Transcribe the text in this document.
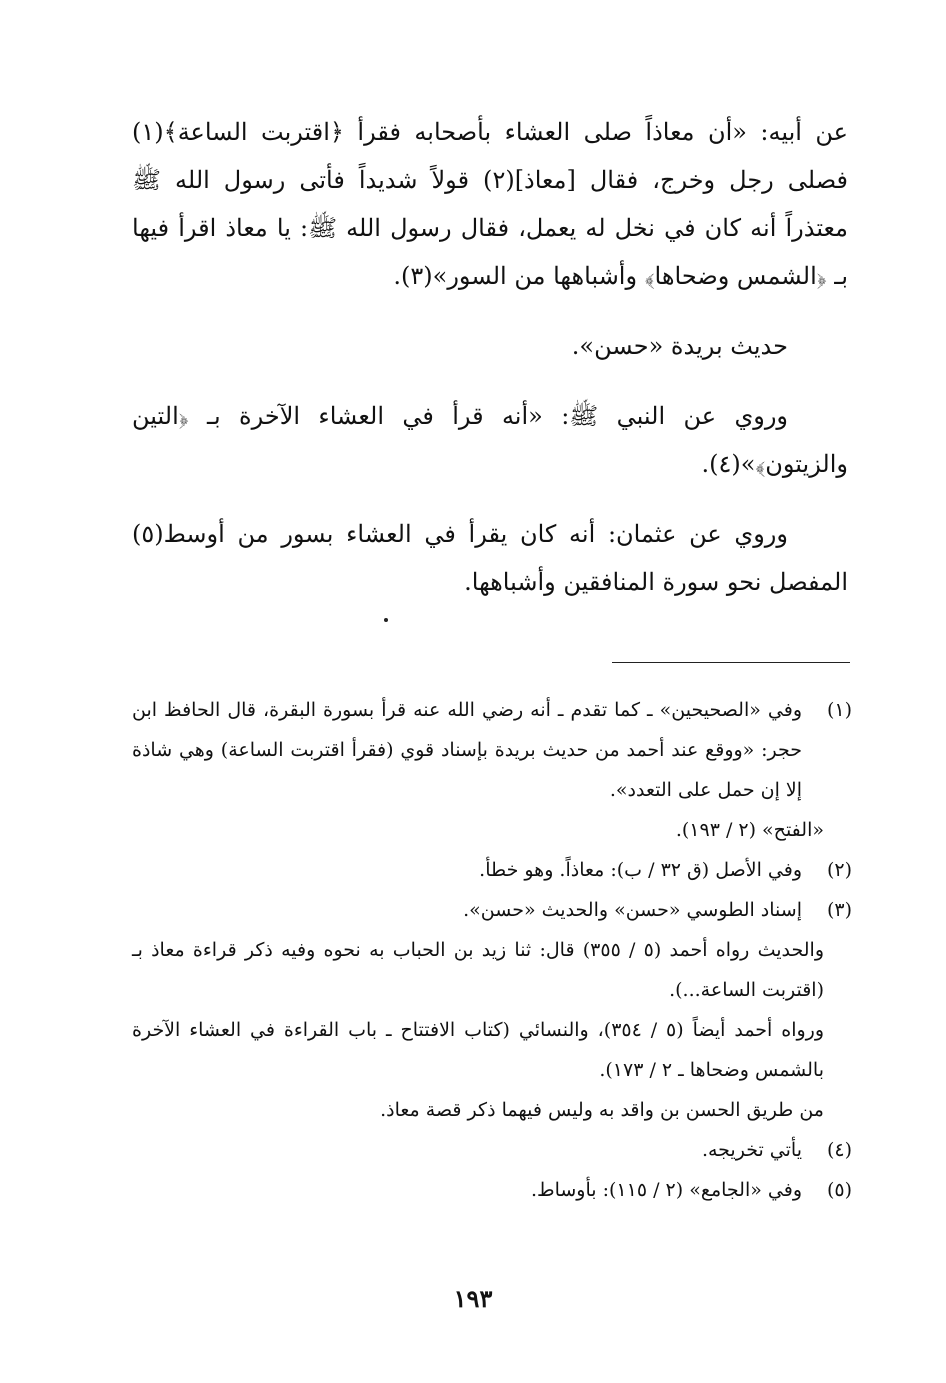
عن أبيه: «أن معاذاً صلى العشاء بأصحابه فقرأ ﴿اقتربت الساعة﴾(١) فصلى رجل وخرج، فقال [معاذ](٢) قولاً شديداً فأتى رسول الله ﷺ معتذراً أنه كان في نخل له يعمل، فقال رسول الله ﷺ: يا معاذ اقرأ فيها بـ ﴿الشمس وضحاها﴾ وأشباهها من السور»(٣).

حديث بريدة «حسن».

وروي عن النبي ﷺ: «أنه قرأ في العشاء الآخرة بـ ﴿التين والزيتون﴾»(٤).

وروي عن عثمان: أنه كان يقرأ في العشاء بسور من أوسط(٥) المفصل نحو سورة المنافقين وأشباهها.

(١)
وفي «الصحيحين» ـ كما تقدم ـ أنه رضي الله عنه قرأ بسورة البقرة، قال الحافظ ابن حجر: «ووقع عند أحمد من حديث بريدة بإسناد قوي (فقرأ اقتربت الساعة) وهي شاذة إلا إن حمل على التعدد».
«الفتح» (٢ / ١٩٣).
(٢)
وفي الأصل (ق ٣٢ / ب): معاذاً. وهو خطأ.
(٣)
إسناد الطوسي «حسن» والحديث «حسن».
والحديث رواه أحمد (٥ / ٣٥٥) قال: ثنا زيد بن الحباب به نحوه وفيه ذكر قراءة معاذ بـ (اقتربت الساعة...).
ورواه أحمد أيضاً (٥ / ٣٥٤)، والنسائي (كتاب الافتتاح ـ باب القراءة في العشاء الآخرة بالشمس وضحاها ـ ٢ / ١٧٣).
من طريق الحسن بن واقد به وليس فيهما ذكر قصة معاذ.
(٤)
يأتي تخريجه.
(٥)
وفي «الجامع» (٢ / ١١٥): بأوساط.
١٩٣
